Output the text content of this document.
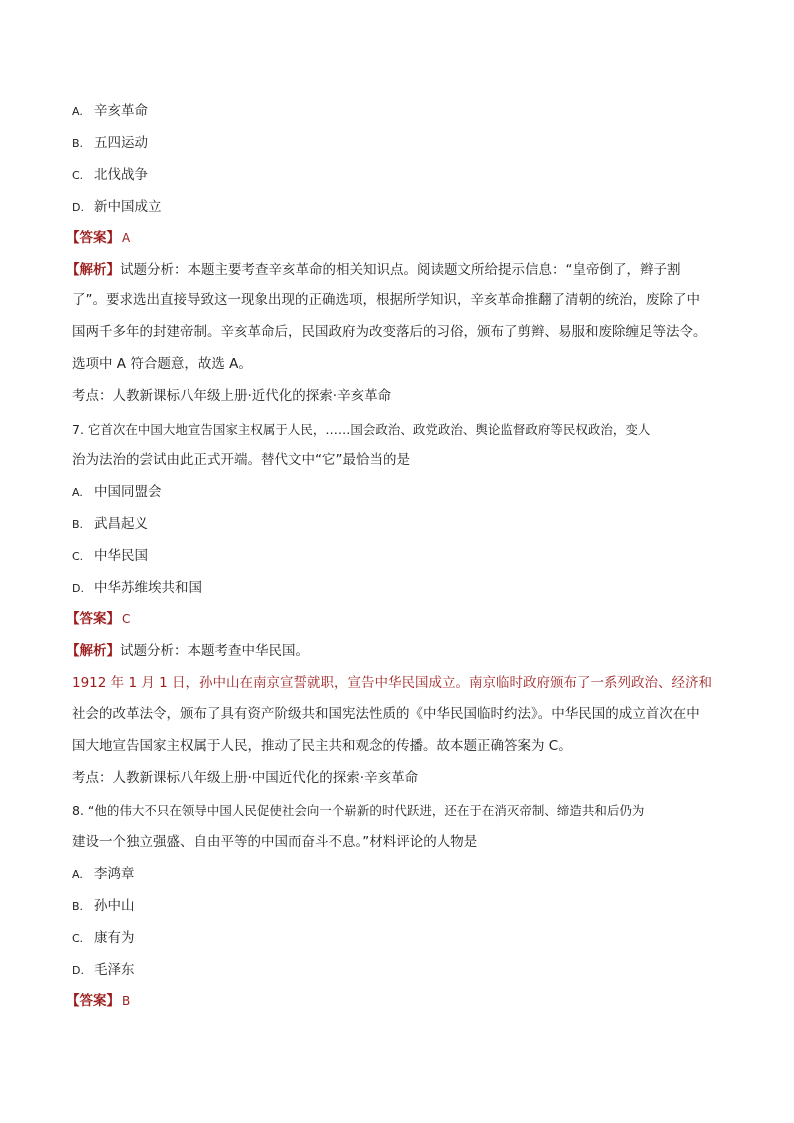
A. 辛亥革命
B. 五四运动
C. 北伐战争
D. 新中国成立
【答案】 A
【解析】试题分析：本题主要考查辛亥革命的相关知识点。阅读题文所给提示信息：“皇帝倒了，辫子割
了”。要求选出直接导致这一现象出现的正确选项，根据所学知识，辛亥革命推翻了清朝的统治，废除了中
国两千多年的封建帝制。辛亥革命后，民国政府为改变落后的习俗，颁布了剪辫、易服和废除缠足等法令。
选项中 A 符合题意，故选 A。
考点：人教新课标八年级上册·近代化的探索·辛亥革命
7. 它首次在中国大地宣告国家主权属于人民，……国会政治、政党政治、舆论监督政府等民权政治，变人
治为法治的尝试由此正式开端。替代文中“它”最恰当的是
A. 中国同盟会
B. 武昌起义
C. 中华民国
D. 中华苏维埃共和国
【答案】 C
【解析】试题分析：本题考查中华民国。
1912 年 1 月 1 日，孙中山在南京宣誓就职，宣告中华民国成立。南京临时政府颁布了一系列政治、经济和
社会的改革法令，颁布了具有资产阶级共和国宪法性质的《中华民国临时约法》。中华民国的成立首次在中
国大地宣告国家主权属于人民，推动了民主共和观念的传播。故本题正确答案为 C。
考点：人教新课标八年级上册·中国近代化的探索·辛亥革命
8. “他的伟大不只在领导中国人民促使社会向一个崭新的时代跃进，还在于在消灭帝制、缔造共和后仍为
建设一个独立强盛、自由平等的中国而奋斗不息。”材料评论的人物是
A. 李鸿章
B. 孙中山
C. 康有为
D. 毛泽东
【答案】 B
